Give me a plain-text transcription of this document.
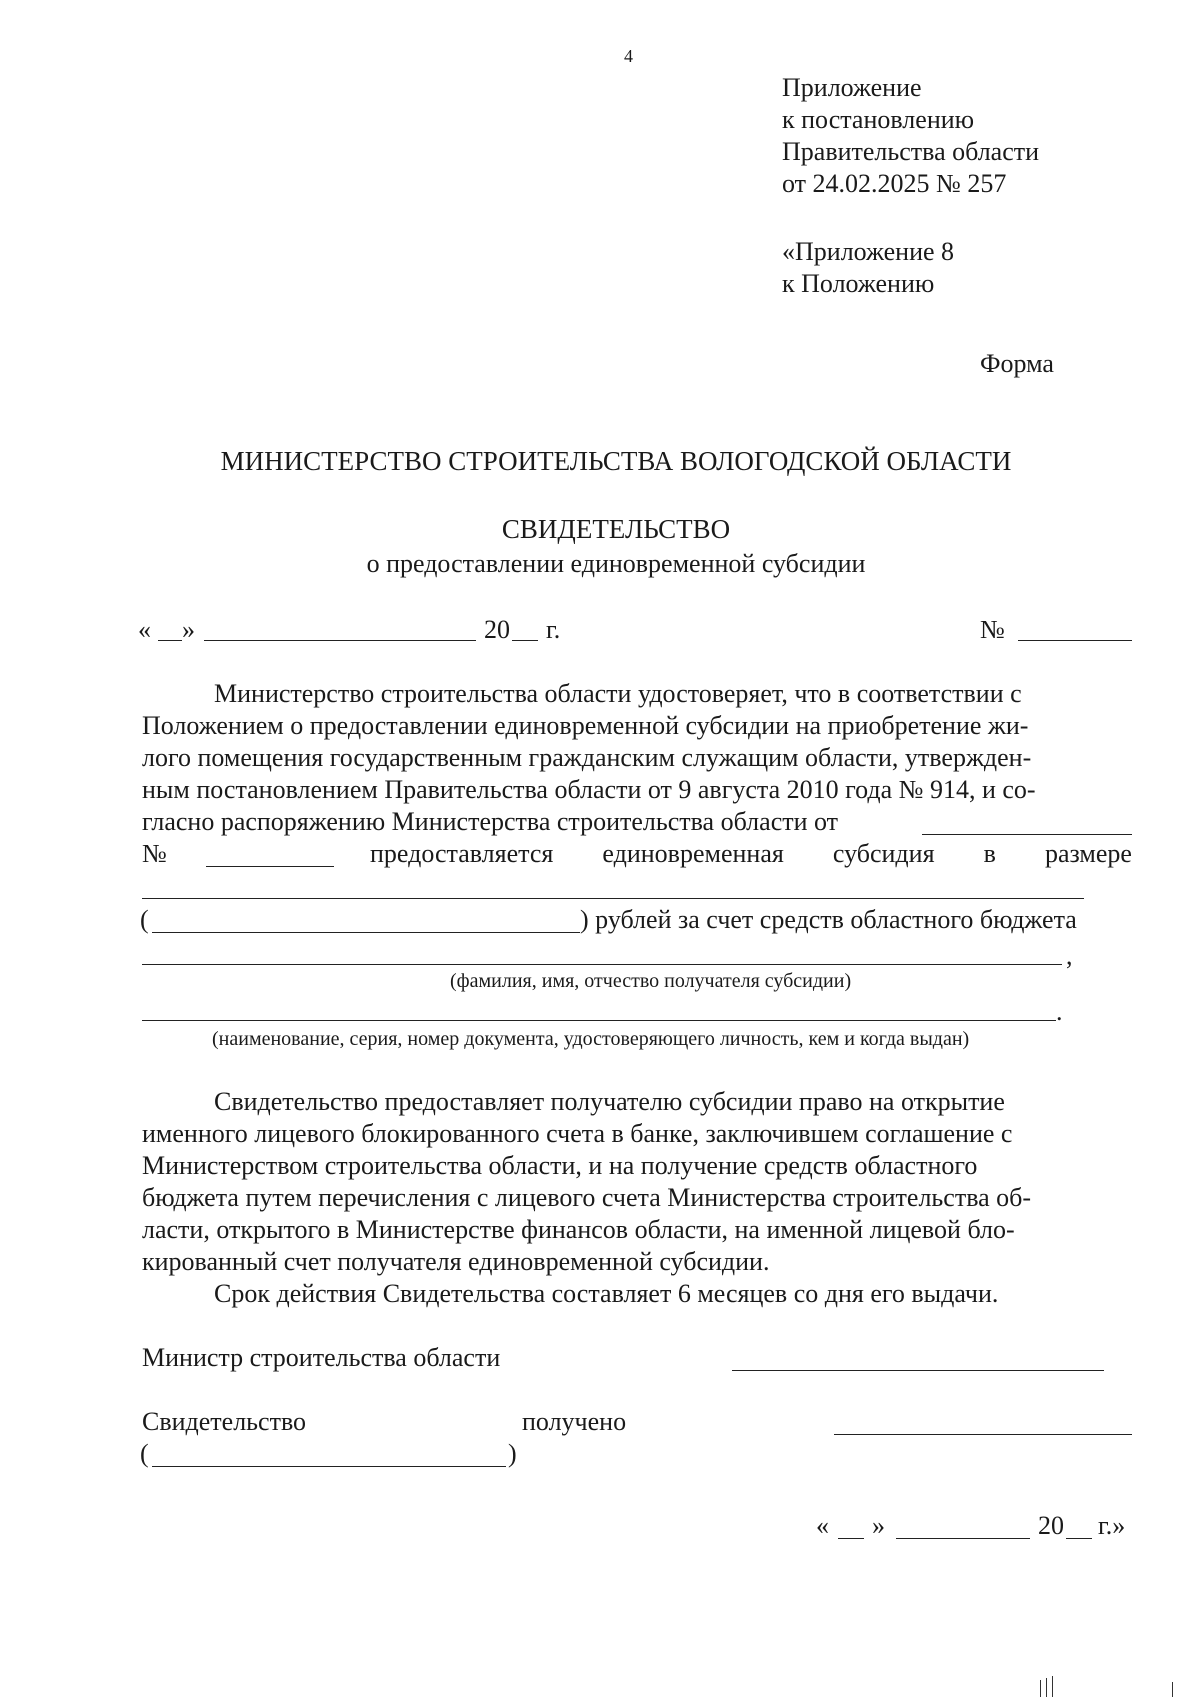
4
Приложение
к постановлению
Правительства области
от 24.02.2025 № 257
«Приложение 8
к Положению
Форма
МИНИСТЕРСТВО СТРОИТЕЛЬСТВА ВОЛОГОДСКОЙ ОБЛАСТИ
СВИДЕТЕЛЬСТВО
о предоставлении единовременной субсидии
« »	20 г.	№
Министерство строительства области удостоверяет, что в соответствии с
Положением о предоставлении единовременной субсидии на приобретение жи-
лого помещения государственным гражданским служащим области, утвержден-
ным постановлением Правительства области от 9 августа 2010 года № 914, и со-
гласно распоряжению Министерства строительства области от
№	предоставляется единовременная субсидия в размере
(	) рублей за счет средств областного бюджета
,
(фамилия, имя, отчество получателя субсидии)
.
(наименование, серия, номер документа, удостоверяющего личность, кем и когда выдан)
Свидетельство предоставляет получателю субсидии право на открытие
именного лицевого блокированного счета в банке, заключившем соглашение с
Министерством строительства области, и на получение средств областного
бюджета путем перечисления с лицевого счета Министерства строительства об-
ласти, открытого в Министерстве финансов области, на именной лицевой бло-
кированный счет получателя единовременной субсидии.
Срок действия Свидетельства составляет 6 месяцев со дня его выдачи.
Министр строительства области
Свидетельство	получено
(	)
« »	20 г.»
